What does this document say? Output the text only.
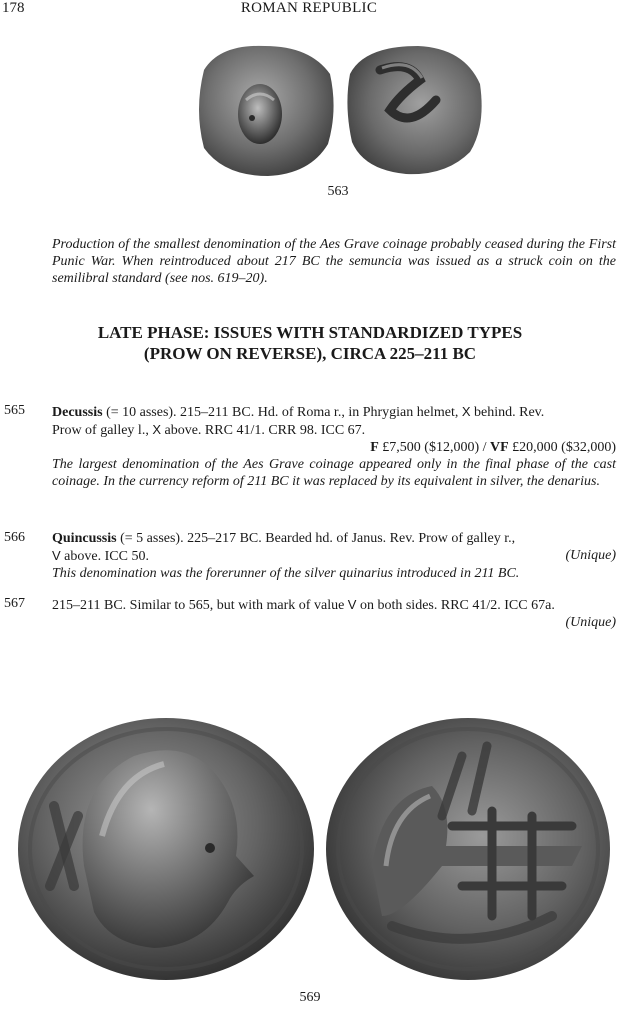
178	ROMAN REPUBLIC
563
Production of the smallest denomination of the Aes Grave coinage probably ceased during the First Punic War. When reintroduced about 217 BC the semuncia was issued as a struck coin on the semilibral standard (see nos. 619–20).
LATE PHASE: ISSUES WITH STANDARDIZED TYPES
(PROW ON REVERSE), CIRCA 225–211 BC
565 Decussis (= 10 asses). 215–211 BC. Hd. of Roma r., in Phrygian helmet, X behind. Rev.

Prow of galley l., X above. RRC 41/1. CRR 98. ICC 67.

F £7,500 ($12,000) / VF £20,000 ($32,000)

The largest denomination of the Aes Grave coinage appeared only in the final phase of the cast coinage. In the currency reform of 211 BC it was replaced by its equivalent in silver, the denarius.

566 Quincussis (= 5 asses). 225–217 BC. Bearded hd. of Janus. Rev. Prow of galley r.,

V above. ICC 50.	(Unique)

This denomination was the forerunner of the silver quinarius introduced in 211 BC.

567 215–211 BC. Similar to 565, but with mark of value V on both sides. RRC 41/2. ICC 67a.

(Unique)

569
